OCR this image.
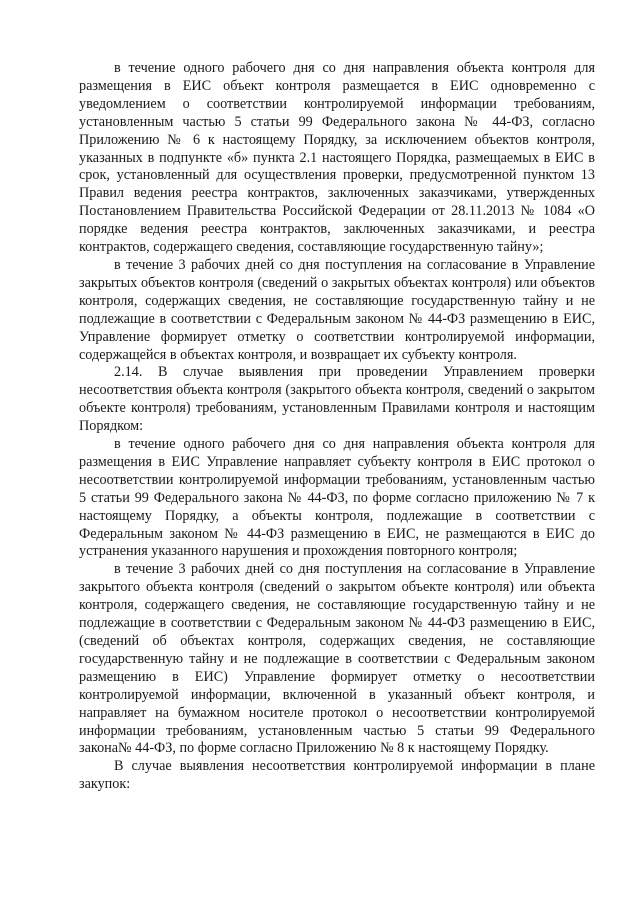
в течение одного рабочего дня со дня направления объекта контроля для размещения в ЕИС объект контроля размещается в ЕИС одновременно с уведомлением о соответствии контролируемой информации требованиям, установленным частью 5 статьи 99 Федерального закона № 44-ФЗ, согласно Приложению № 6 к настоящему Порядку, за исключением объектов контроля, указанных в подпункте «б» пункта 2.1 настоящего Порядка, размещаемых в ЕИС в срок, установленный для осуществления проверки, предусмотренной пунктом 13 Правил ведения реестра контрактов, заключенных заказчиками, утвержденных Постановлением Правительства Российской Федерации от 28.11.2013 № 1084 «О порядке ведения реестра контрактов, заключенных заказчиками, и реестра контрактов, содержащего сведения, составляющие государственную тайну»;

в течение 3 рабочих дней со дня поступления на согласование в Управление закрытых объектов контроля (сведений о закрытых объектах контроля) или объектов контроля, содержащих сведения, не составляющие государственную тайну и не подлежащие в соответствии с Федеральным законом № 44-ФЗ размещению в ЕИС, Управление формирует отметку о соответствии контролируемой информации, содержащейся в объектах контроля, и возвращает их субъекту контроля.

2.14. В случае выявления при проведении Управлением проверки несоответствия объекта контроля (закрытого объекта контроля, сведений о закрытом объекте контроля) требованиям, установленным Правилами контроля и настоящим Порядком:

в течение одного рабочего дня со дня направления объекта контроля для размещения в ЕИС Управление направляет субъекту контроля в ЕИС протокол о несоответствии контролируемой информации требованиям, установленным частью 5 статьи 99 Федерального закона № 44-ФЗ, по форме согласно приложению № 7 к настоящему Порядку, а объекты контроля, подлежащие в соответствии с Федеральным законом № 44-ФЗ размещению в ЕИС, не размещаются в ЕИС до устранения указанного нарушения и прохождения повторного контроля;

в течение 3 рабочих дней со дня поступления на согласование в Управление закрытого объекта контроля (сведений о закрытом объекте контроля) или объекта контроля, содержащего сведения, не составляющие государственную тайну и не подлежащие в соответствии с Федеральным законом № 44-ФЗ размещению в ЕИС, (сведений об объектах контроля, содержащих сведения, не составляющие государственную тайну и не подлежащие в соответствии с Федеральным законом размещению в ЕИС) Управление формирует отметку о несоответствии контролируемой информации, включенной в указанный объект контроля, и направляет на бумажном носителе протокол о несоответствии контролируемой информации требованиям, установленным частью 5 статьи 99 Федерального закона№ 44-ФЗ, по форме согласно Приложению № 8 к настоящему Порядку.

В случае выявления несоответствия контролируемой информации в плане закупок:
